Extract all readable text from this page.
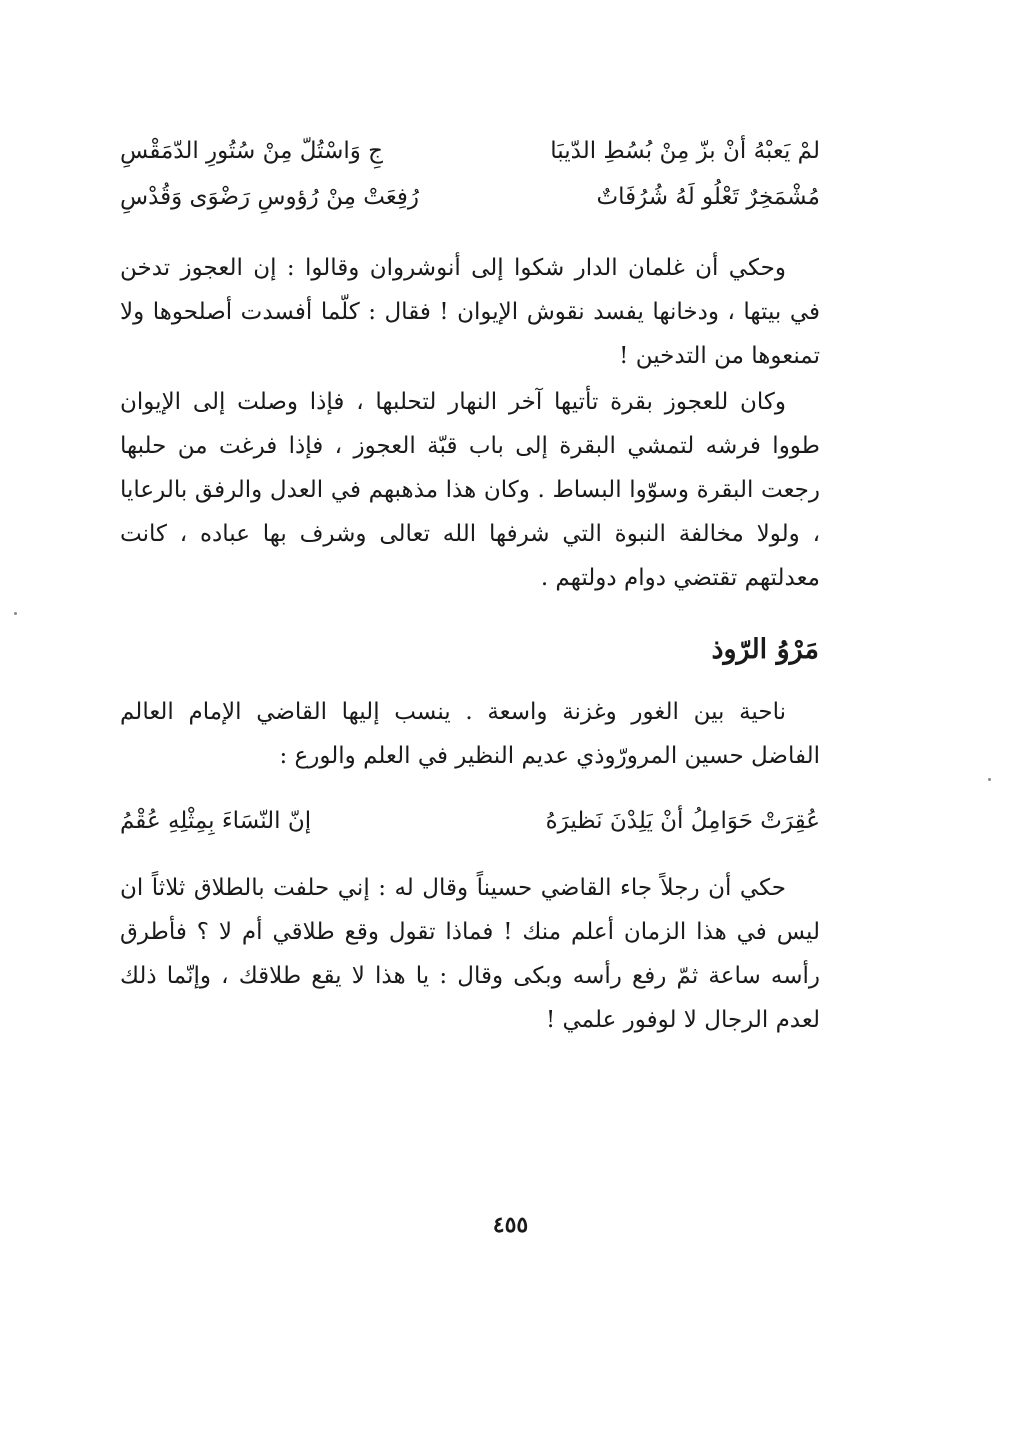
لمْ يَعبْهُ أنْ بزّ مِنْ بُسُطِ الدّيبَا
جِ وَاسْتُلّ مِنْ سُتُورِ الدّمَقْسِ
مُشْمَخِرٌ تَعْلُو لَهُ شُرُفَاتٌ
رُفِعَتْ مِنْ رُؤوسِ رَضْوَى وَقُدْسِ

وحكي أن غلمان الدار شكوا إلى أنوشروان وقالوا : إن العجوز تدخن في بيتها ، ودخانها يفسد نقوش الإيوان ! فقال : كلّما أفسدت أصلحوها ولا تمنعوها من التدخين !

وكان للعجوز بقرة تأتيها آخر النهار لتحلبها ، فإذا وصلت إلى الإيوان طووا فرشه لتمشي البقرة إلى باب قبّة العجوز ، فإذا فرغت من حلبها رجعت البقرة وسوّوا البساط . وكان هذا مذهبهم في العدل والرفق بالرعايا ، ولولا مخالفة النبوة التي شرفها الله تعالى وشرف بها عباده ، كانت معدلتهم تقتضي دوام دولتهم .

مَرْوُ الرّوذ

ناحية بين الغور وغزنة واسعة . ينسب إليها القاضي الإمام العالم الفاضل حسين المرورّوذي عديم النظير في العلم والورع :

عُقِرَتْ حَوَامِلُ أنْ يَلِدْنَ نَظيرَهُ
إنّ النّسَاءَ بِمِثْلِهِ عُقْمُ

حكي أن رجلاً جاء القاضي حسيناً وقال له : إني حلفت بالطلاق ثلاثاً ان ليس في هذا الزمان أعلم منك ! فماذا تقول وقع طلاقي أم لا ؟ فأطرق رأسه ساعة ثمّ رفع رأسه وبكى وقال : يا هذا لا يقع طلاقك ، وإنّما ذلك لعدم الرجال لا لوفور علمي !

٤٥٥
